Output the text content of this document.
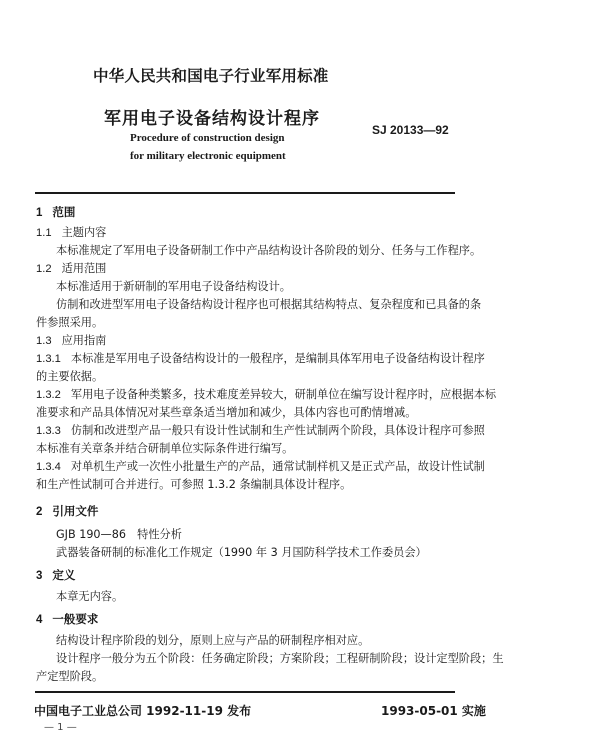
中华人民共和国电子行业军用标准
军用电子设备结构设计程序
Procedure of construction design
for military electronic equipment
SJ 20133—92
1 范围
1.1 主题内容
本标准规定了军用电子设备研制工作中产品结构设计各阶段的划分、任务与工作程序。
1.2 适用范围
本标准适用于新研制的军用电子设备结构设计。
仿制和改进型军用电子设备结构设计程序也可根据其结构特点、复杂程度和已具备的条
件参照采用。
1.3 应用指南
1.3.1 本标准是军用电子设备结构设计的一般程序，是编制具体军用电子设备结构设计程序
的主要依据。
1.3.2 军用电子设备种类繁多，技术难度差异较大，研制单位在编写设计程序时，应根据本标
准要求和产品具体情况对某些章条适当增加和减少，具体内容也可酌情增减。
1.3.3 仿制和改进型产品一般只有设计性试制和生产性试制两个阶段，具体设计程序可参照
本标准有关章条并结合研制单位实际条件进行编写。
1.3.4 对单机生产或一次性小批量生产的产品，通常试制样机又是正式产品，故设计性试制
和生产性试制可合并进行。可参照 1.3.2 条编制具体设计程序。
2 引用文件
GJB 190—86　特性分析
武器装备研制的标准化工作规定（1990 年 3 月国防科学技术工作委员会）
3 定义
本章无内容。
4 一般要求
结构设计程序阶段的划分，原则上应与产品的研制程序相对应。
设计程序一般分为五个阶段：任务确定阶段；方案阶段；工程研制阶段；设计定型阶段；生
产定型阶段。
中国电子工业总公司 1992-11-19 发布	1993-05-01 实施
— 1 —
